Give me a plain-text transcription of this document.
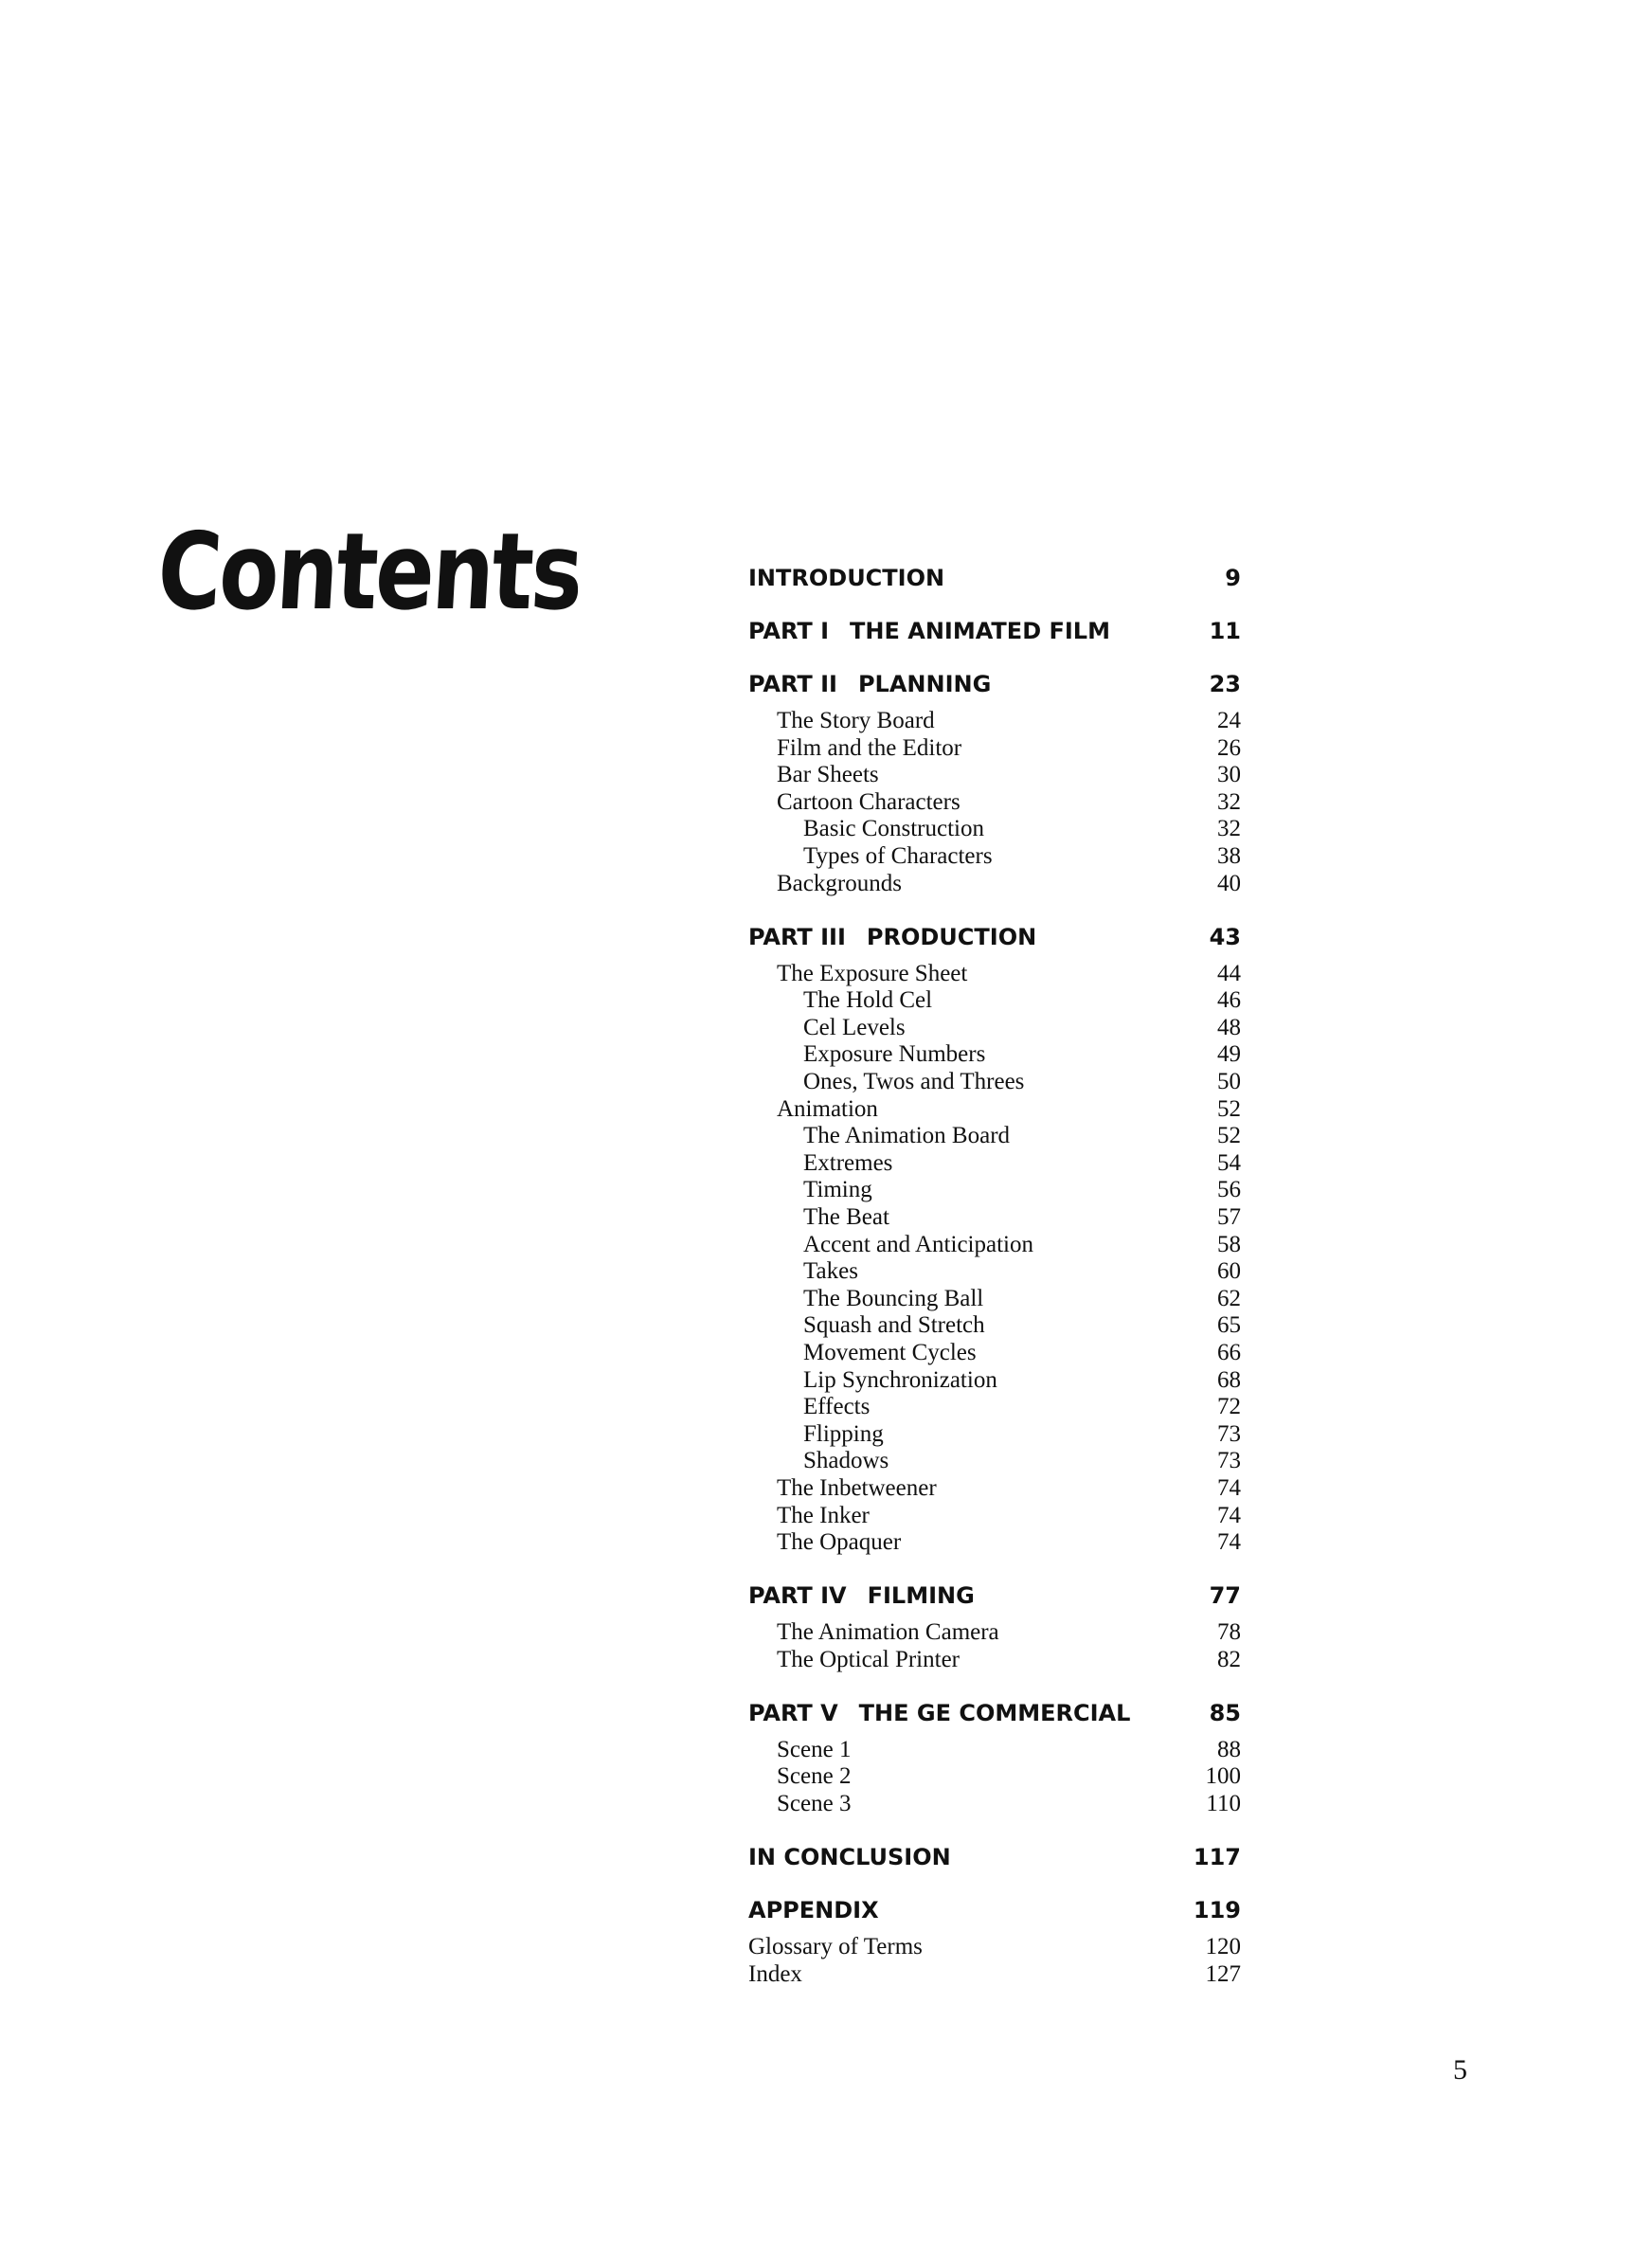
Contents	INTRODUCTION	9
PART I THE ANIMATED FILM	11
PART II PLANNING	23
The Story Board	24
Film and the Editor	26
Bar Sheets	30
Cartoon Characters	32
Basic Construction	32
Types of Characters	38
Backgrounds	40
PART III PRODUCTION	43
The Exposure Sheet	44
The Hold Cel	46
Cel Levels	48
Exposure Numbers	49
Ones, Twos and Threes	50
Animation	52
The Animation Board	52
Extremes	54
Timing	56
The Beat	57
Accent and Anticipation	58
Takes	60
The Bouncing Ball	62
Squash and Stretch	65
Movement Cycles	66
Lip Synchronization	68
Effects	72
Flipping	73
Shadows	73
The Inbetweener	74
The Inker	74
The Opaquer	74
PART IV FILMING	77
The Animation Camera	78
The Optical Printer	82
PART V THE GE COMMERCIAL	85
Scene 1	88
Scene 2	100
Scene 3	110
IN CONCLUSION	117
APPENDIX	119
Glossary of Terms	120
Index	127
5
